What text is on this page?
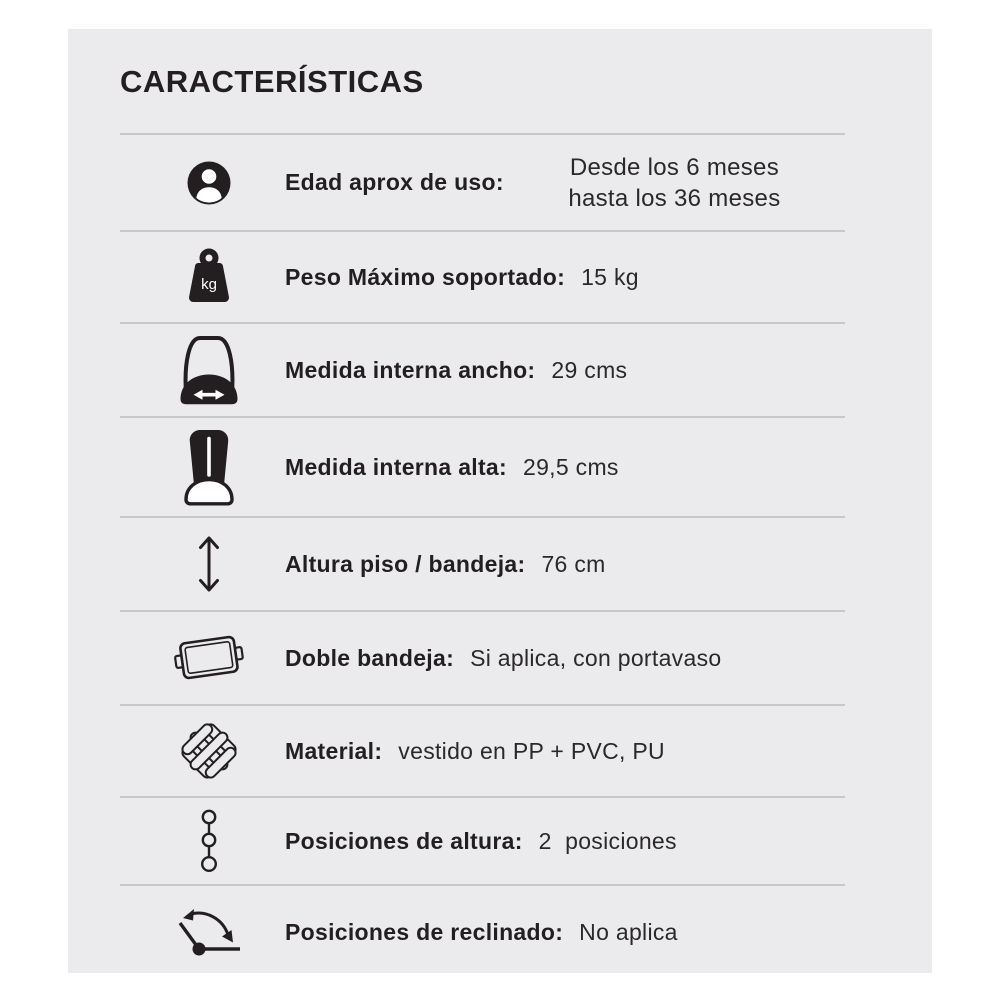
CARACTERÍSTICAS
Edad aprox de uso:
Desde los 6 meses
hasta los 36 meses
kg	Peso Máximo soportado: 15 kg
Medida interna ancho: 29 cms
Medida interna alta: 29,5 cms
Altura piso / bandeja: 76 cm
Doble bandeja: Si aplica, con portavaso
Material: vestido en PP + PVC, PU
Posiciones de altura: 2  posiciones
Posiciones de reclinado: No aplica
